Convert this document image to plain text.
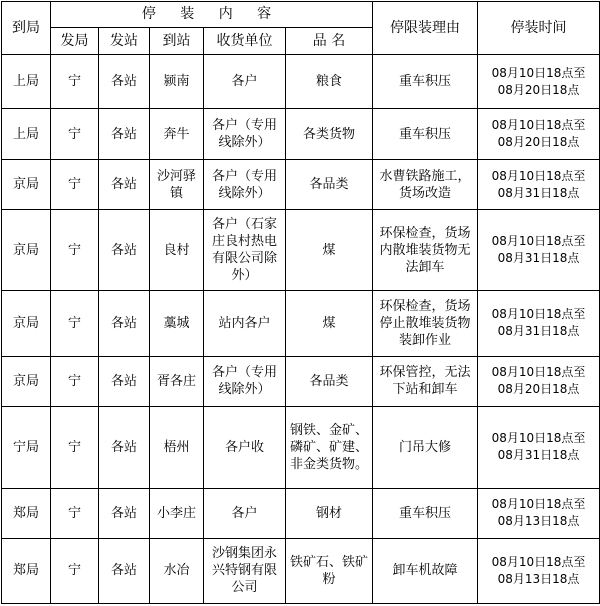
到局	停 装 内 容					停限装理由	停装时间
	发局	发站	到站	收货单位	品 名		
上局	宁	各站	颍南	各户	粮食	重车积压	08月10日18点至
08月20日18点
上局	宁	各站	奔牛	各户（专用线除外）	各类货物	重车积压	08月10日18点至
08月20日18点
京局	宁	各站	沙河驿镇	各户（专用线除外）	各品类	水曹铁路施工，货场改造	08月10日18点至
08月31日18点
京局	宁	各站	良村	各户（石家庄良村热电有限公司除外）	煤	环保检查，货场内散堆装货物无法卸车	08月10日18点至
08月31日18点
京局	宁	各站	藁城	站内各户	煤	环保检查，货场停止散堆装货物装卸作业	08月10日18点至
08月31日18点
京局	宁	各站	胥各庄	各户（专用线除外）	各品类	环保管控，无法下站和卸车	08月10日18点至
08月20日18点
宁局	宁	各站	梧州	各户收	钢铁、金矿、磷矿、矿建、非金类货物。	门吊大修	08月10日18点至
08月31日18点
郑局	宁	各站	小李庄	各户	钢材	重车积压	08月10日18点至
08月13日18点
郑局	宁	各站	水冶	沙钢集团永兴特钢有限公司	铁矿石、铁矿粉	卸车机故障	08月10日18点至
08月13日18点
